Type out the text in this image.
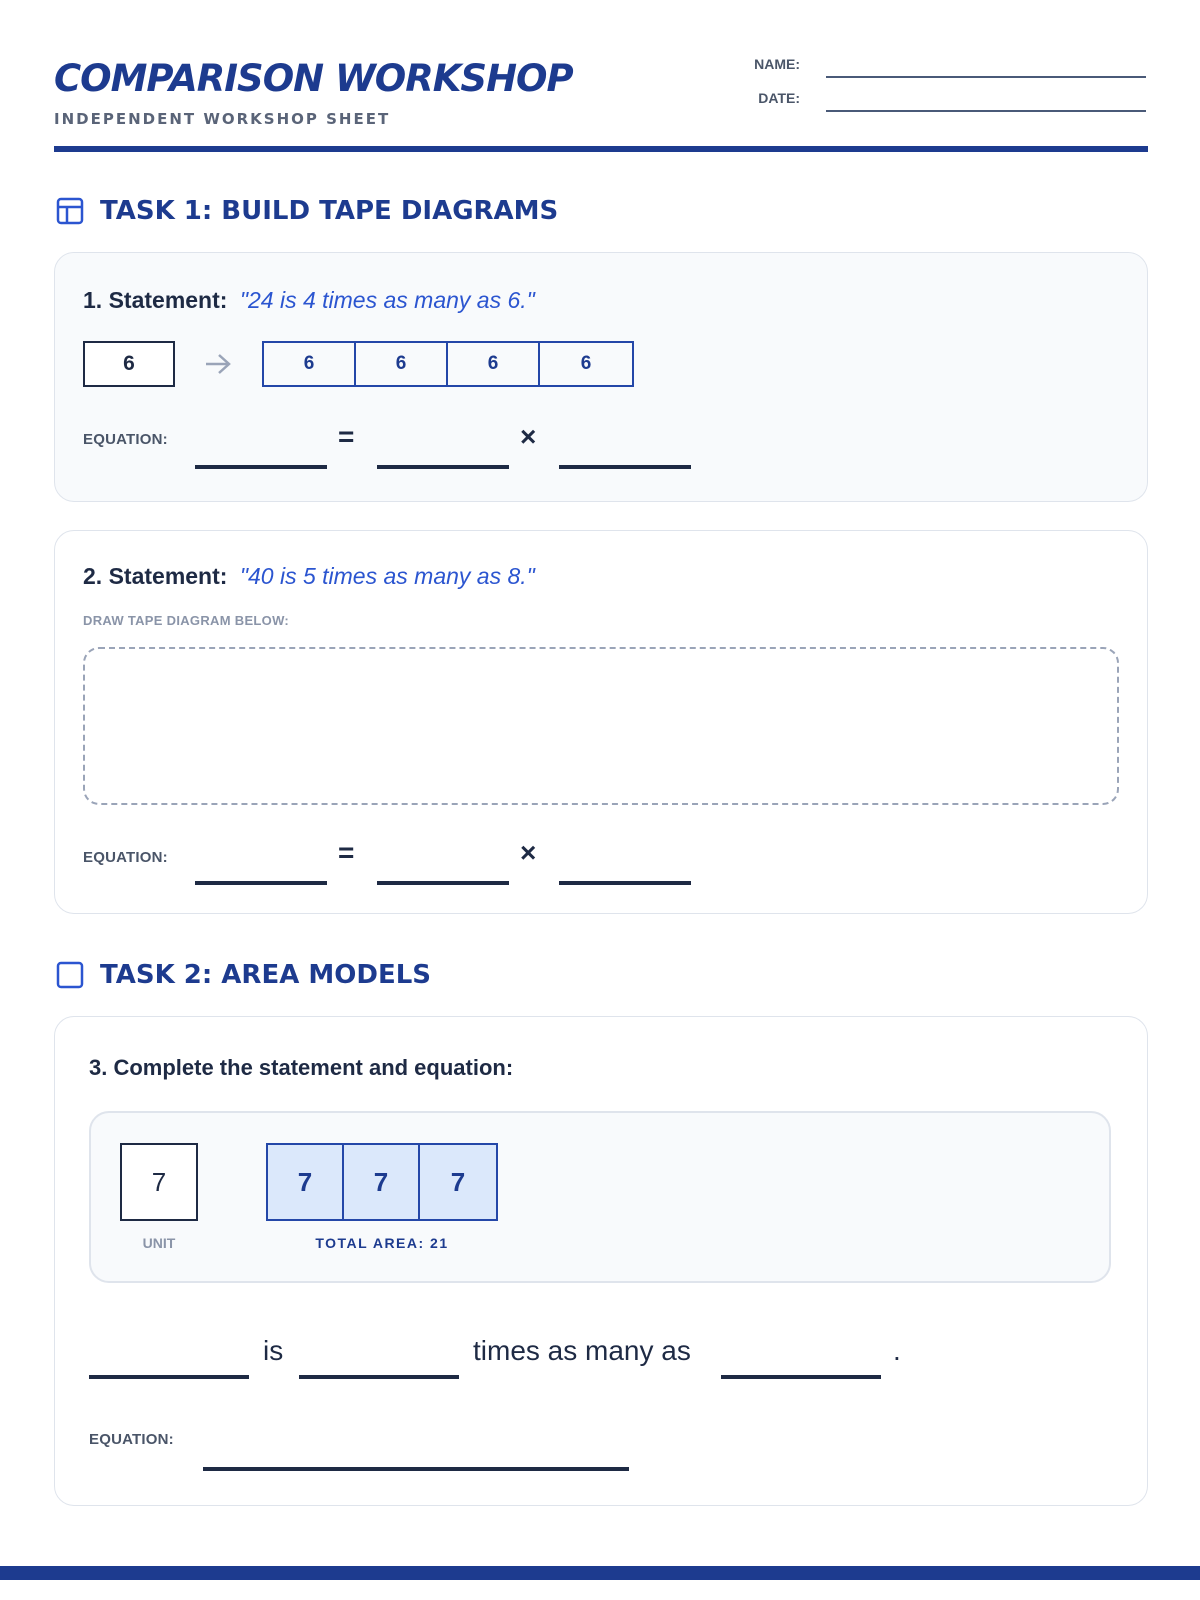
COMPARISON WORKSHOP
INDEPENDENT WORKSHOP SHEET
NAME:
DATE:
TASK 1: BUILD TAPE DIAGRAMS
1. Statement: "24 is 4 times as many as 6."
6	6	6	6	6
EQUATION:	=	×
2. Statement: "40 is 5 times as many as 8."
DRAW TAPE DIAGRAM BELOW:
EQUATION:	=	×
TASK 2: AREA MODELS
3. Complete the statement and equation:
7
UNIT
7	7	7
TOTAL AREA: 21
is	times as many as	.
EQUATION:
